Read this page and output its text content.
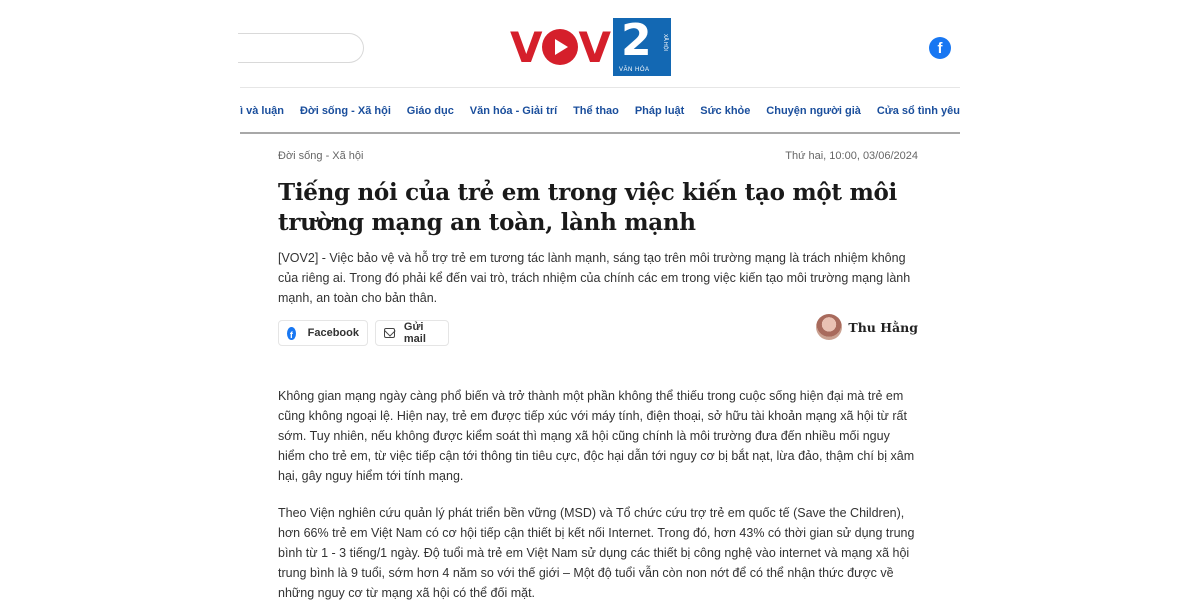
V V 2 XÃ HỘI
VĂN HÓA
f
ì và luận Đời sống - Xã hội Giáo dục Văn hóa - Giải trí Thể thao Pháp luật Sức khỏe Chuyện người già Cửa sổ tình yêu
Đời sống - Xã hội	Thứ hai, 10:00, 03/06/2024
Tiếng nói của trẻ em trong việc kiến tạo một môi trường mạng an toàn, lành mạnh

[VOV2] - Việc bảo vệ và hỗ trợ trẻ em tương tác lành mạnh, sáng tạo trên môi trường mạng là trách nhiệm không của riêng ai. Trong đó phải kể đến vai trò, trách nhiệm của chính các em trong việc kiến tạo môi trường mạng lành mạnh, an toàn cho bản thân.

f Facebook	Gửi mail
Thu Hằng

Không gian mạng ngày càng phổ biến và trở thành một phần không thể thiếu trong cuộc sống hiện đại mà trẻ em cũng không ngoại lệ. Hiện nay, trẻ em được tiếp xúc với máy tính, điện thoại, sở hữu tài khoản mạng xã hội từ rất sớm. Tuy nhiên, nếu không được kiểm soát thì mạng xã hội cũng chính là môi trường đưa đến nhiều mối nguy hiểm cho trẻ em, từ việc tiếp cận tới thông tin tiêu cực, độc hại dẫn tới nguy cơ bị bắt nạt, lừa đảo, thậm chí bị xâm hại, gây nguy hiểm tới tính mạng.

Theo Viện nghiên cứu quản lý phát triển bền vững (MSD) và Tổ chức cứu trợ trẻ em quốc tế (Save the Children), hơn 66% trẻ em Việt Nam có cơ hội tiếp cận thiết bị kết nối Internet. Trong đó, hơn 43% có thời gian sử dụng trung bình từ 1 - 3 tiếng/1 ngày. Độ tuổi mà trẻ em Việt Nam sử dụng các thiết bị công nghệ vào internet và mạng xã hội trung bình là 9 tuổi, sớm hơn 4 năm so với thế giới – Một độ tuổi vẫn còn non nớt để có thể nhận thức được về những nguy cơ từ mạng xã hội có thể đối mặt.
